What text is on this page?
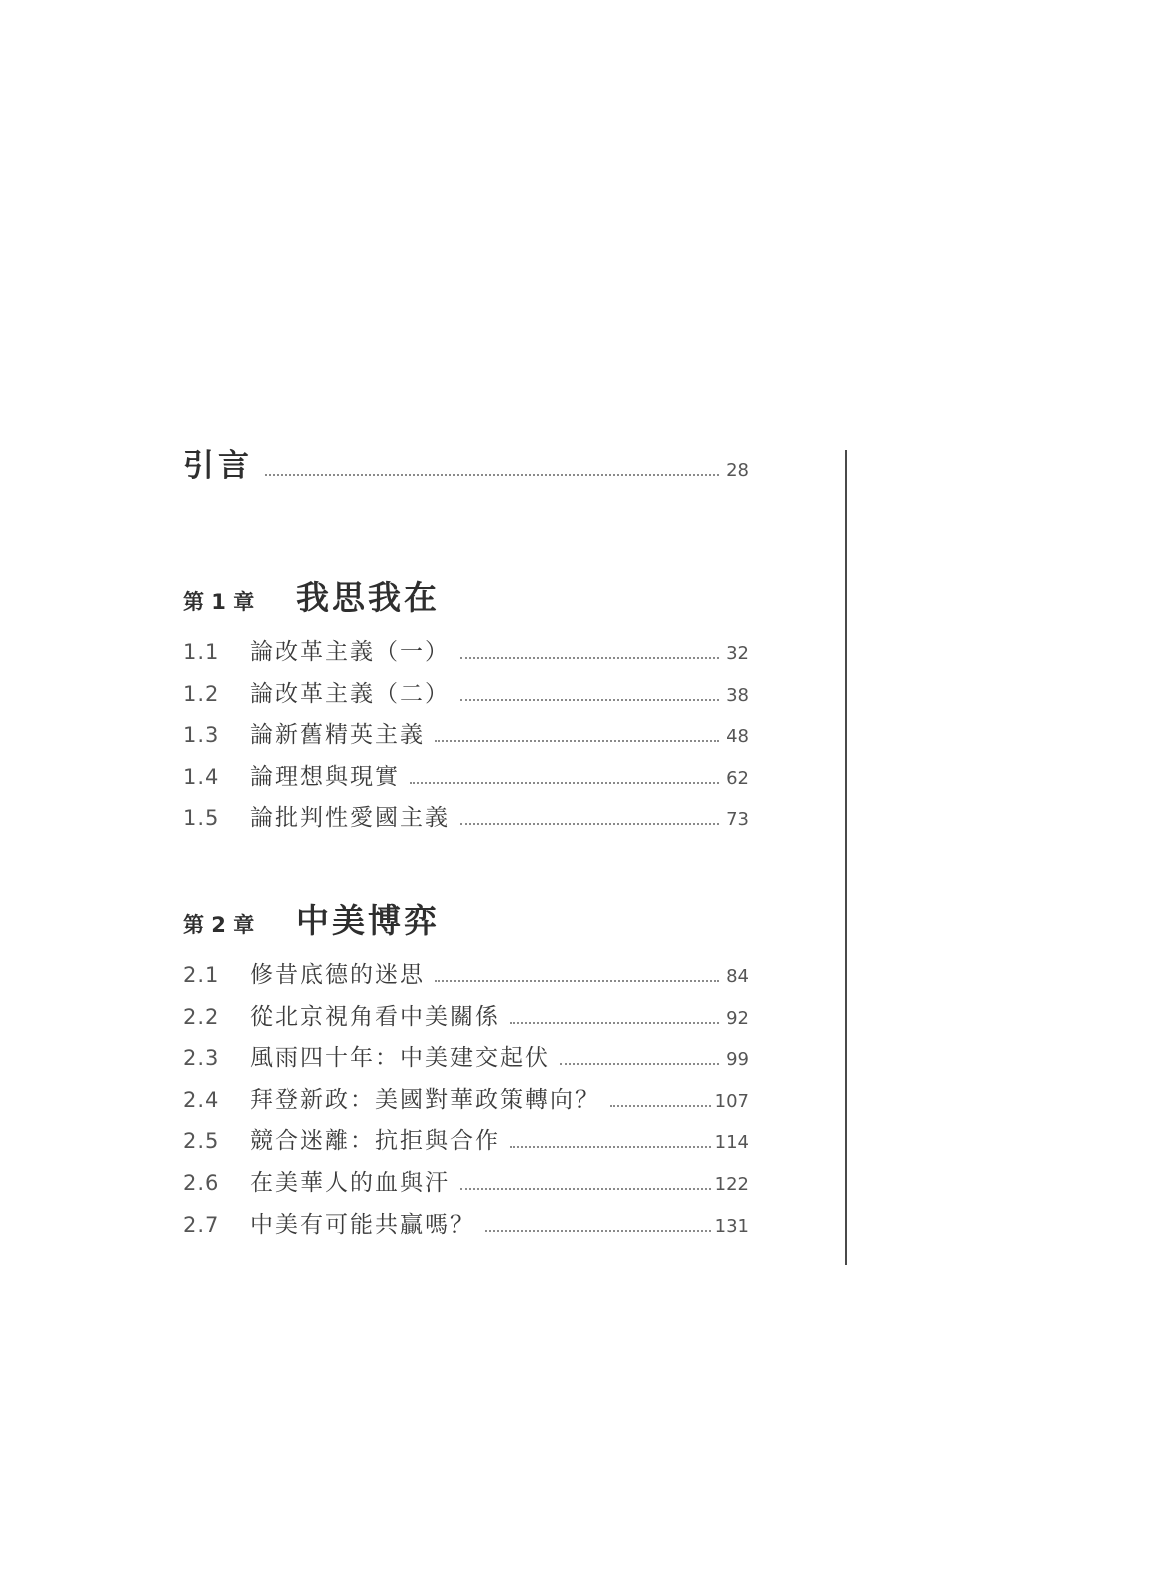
引言	28
第 1 章	我思我在
1.1	論改革主義（一）	32
1.2	論改革主義（二）	38
1.3	論新舊精英主義	48
1.4	論理想與現實	62
1.5	論批判性愛國主義	73
第 2 章	中美博弈
2.1	修昔底德的迷思	84
2.2	從北京視角看中美關係	92
2.3	風雨四十年：中美建交起伏	99
2.4	拜登新政：美國對華政策轉向？	107
2.5	競合迷離：抗拒與合作	114
2.6	在美華人的血與汗	122
2.7	中美有可能共贏嗎？	131
